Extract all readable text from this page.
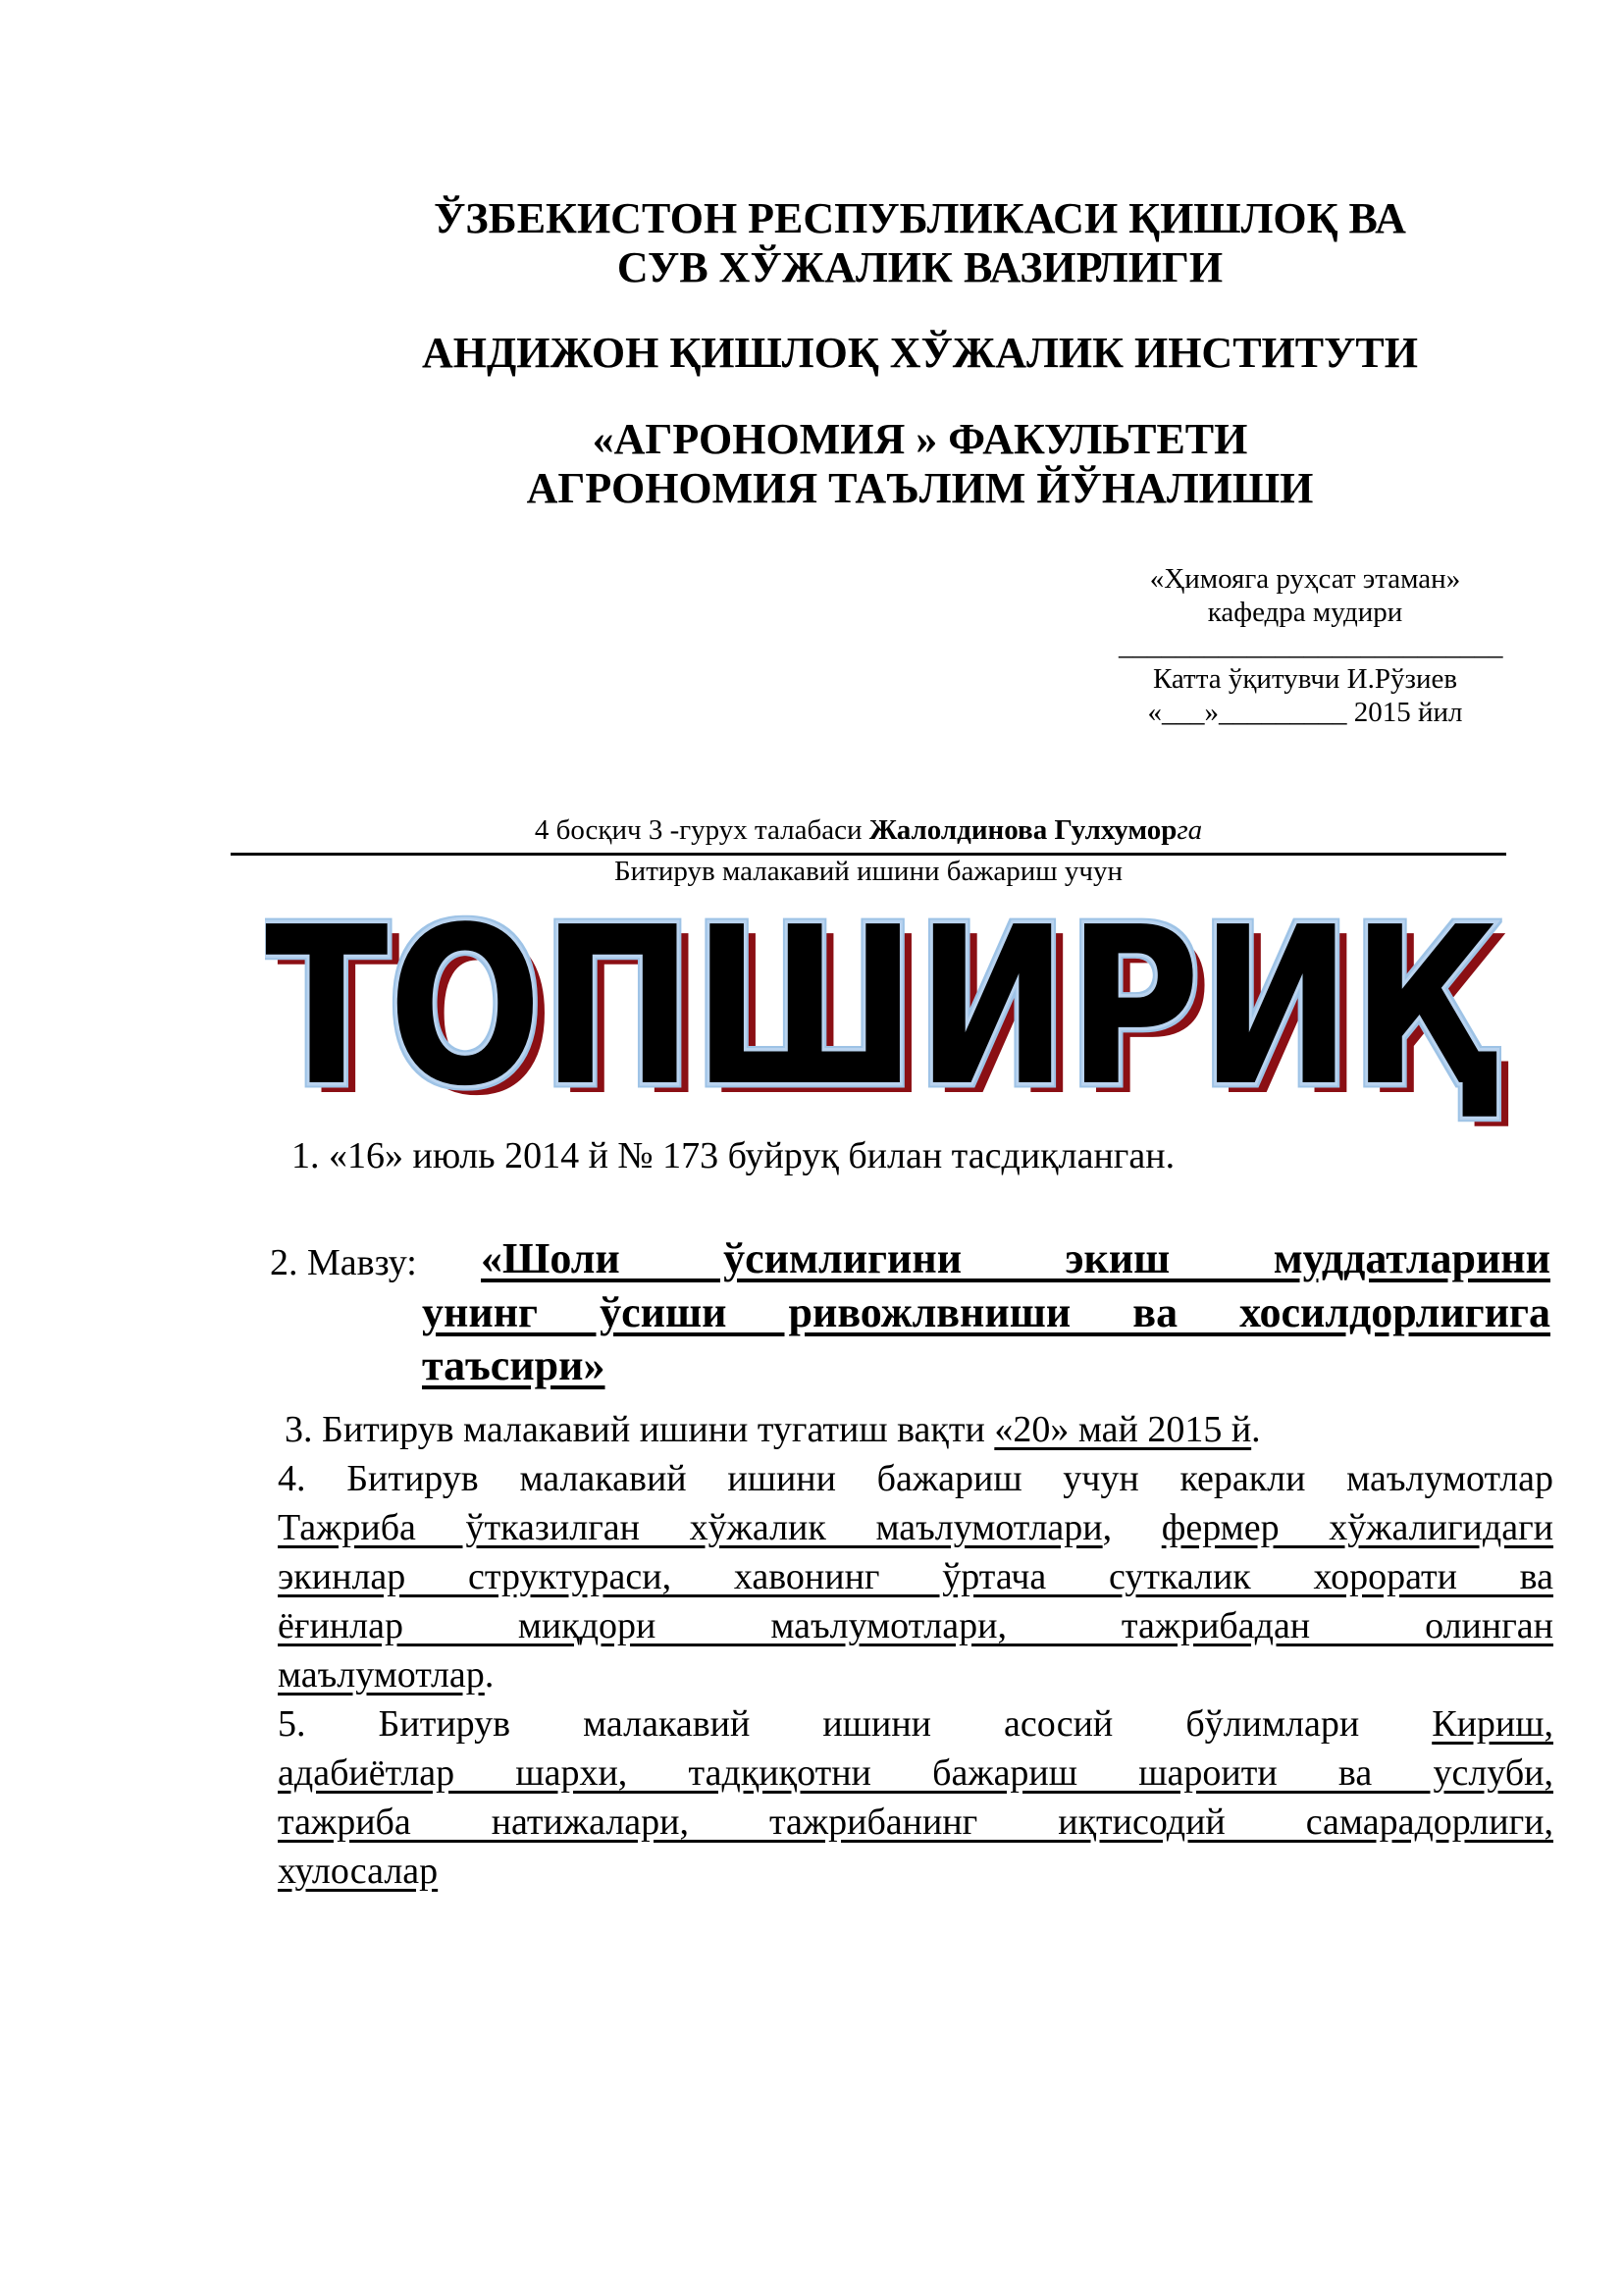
ЎЗБЕКИСТОН РЕСПУБЛИКАСИ ҚИШЛОҚ ВА
СУВ ХЎЖАЛИК ВАЗИРЛИГИ
АНДИЖОН ҚИШЛОҚ ХЎЖАЛИК ИНСТИТУТИ
«АГРОНОМИЯ » ФАКУЛЬТЕТИ
АГРОНОМИЯ ТАЪЛИМ ЙЎНАЛИШИ
«Ҳимояга руҳсат этаман»
кафедра мудири
___________________________
Катта ўқитувчи И.Рўзиев
«___»_________ 2015 йил
4 босқич 3 -гурух талабаси Жалолдинова Гулхуморга
Битирув малакавий ишини бажариш учун
ТОПШИРИҚ
ТОПШИРИҚ
1. «16» июль 2014 й № 173 буйруқ билан тасдиқланган.
2. Мавзу: «Шоли ўсимлигини экиш муддатларини
унинг ўсиши ривожлвниши ва хосилдорлигига
таъсири»
3. Битирув малакавий ишини тугатиш вақти «20» май 2015 й.
4. Битирув малакавий ишини бажариш учун керакли маълумотлар
Тажриба ўтказилган хўжалик маълумотлари, фермер хўжалигидаги
экинлар структураси, хавонинг ўртача суткалик хорорати ва
ёғинлар миқдори маълумотлари, тажрибадан олинган
маълумотлар.
5. Битирув малакавий ишини асосий бўлимлари Кириш,
адабиётлар шархи, тадқиқотни бажариш шароити ва услуби,
тажриба натижалари, тажрибанинг иқтисодий самарадорлиги,
хулосалар
